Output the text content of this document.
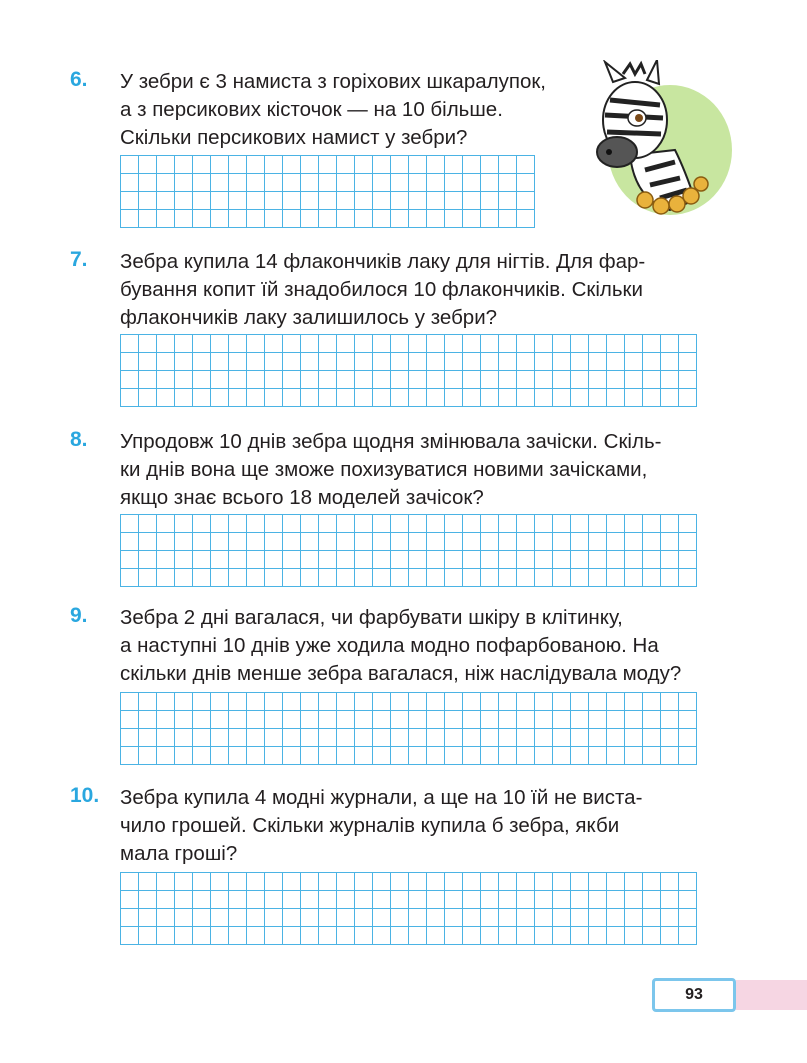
6. У зебри є 3 намиста з горіхових шкаралупок,
а з персикових кісточок — на 10 більше.
Скільки персикових намист у зебри?
7. Зебра купила 14 флакончиків лаку для нігтів. Для фар-
бування копит їй знадобилося 10 флакончиків. Скільки
флакончиків лаку залишилось у зебри?
8. Упродовж 10 днів зебра щодня змінювала зачіски. Скіль-
ки днів вона ще зможе похизуватися новими зачісками,
якщо знає всього 18 моделей зачісок?
9. Зебра 2 дні вагалася, чи фарбувати шкіру в клітинку,
а наступні 10 днів уже ходила модно пофарбованою. На
скільки днів менше зебра вагалася, ніж наслідувала моду?
10. Зебра купила 4 модні журнали, а ще на 10 їй не виста-
чило грошей. Скільки журналів купила б зебра, якби
мала гроші?
93
